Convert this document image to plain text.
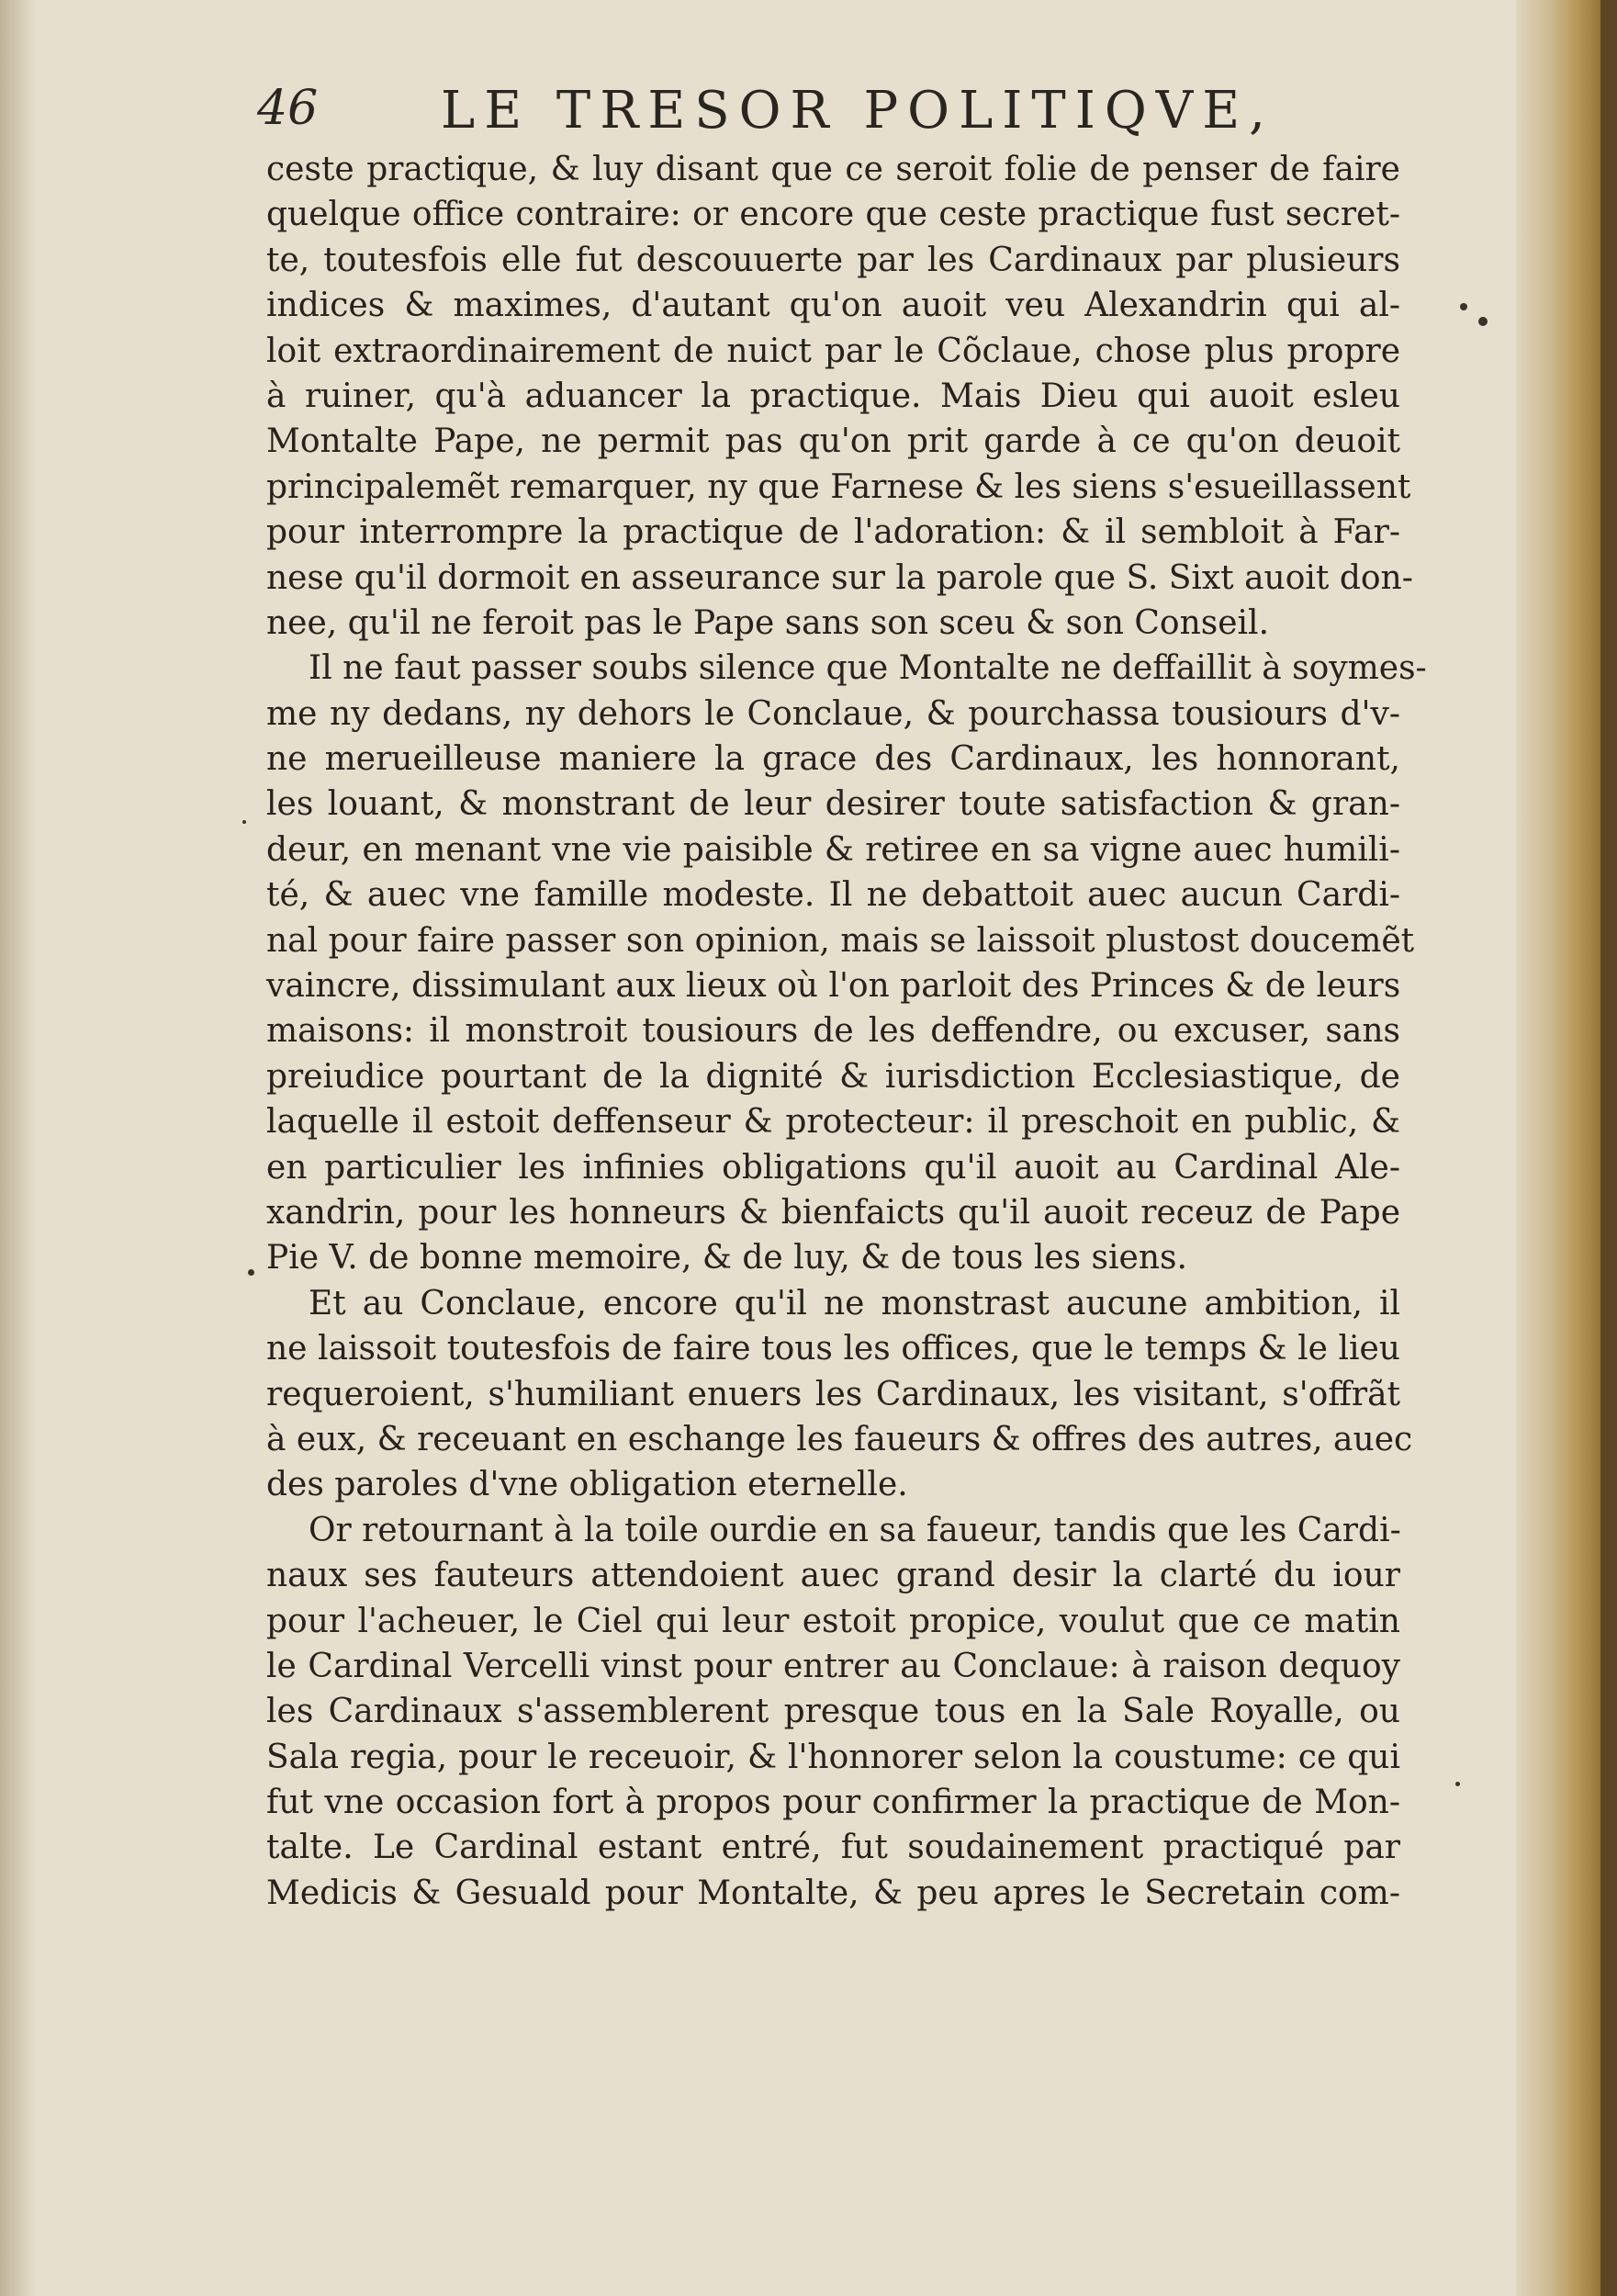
46 LE TRESOR POLITIQVE,
ceste practique, & luy disant que ce seroit folie de penser de faire
quelque office contraire: or encore que ceste practique fust secret-
te, toutesfois elle fut descouuerte par les Cardinaux par plusieurs
indices & maximes, d'autant qu'on auoit veu Alexandrin qui al-
loit extraordinairement de nuict par le Cõclaue, chose plus propre
à ruiner, qu'à aduancer la practique. Mais Dieu qui auoit esleu
Montalte Pape, ne permit pas qu'on prit garde à ce qu'on deuoit
principalemẽt remarquer, ny que Farnese & les siens s'esueillassent
pour interrompre la practique de l'adoration: & il sembloit à Far-
nese qu'il dormoit en asseurance sur la parole que S. Sixt auoit don-
nee, qu'il ne feroit pas le Pape sans son sceu & son Conseil.
Il ne faut passer soubs silence que Montalte ne deffaillit à soymes-
me ny dedans, ny dehors le Conclaue, & pourchassa tousiours d'v-
ne merueilleuse maniere la grace des Cardinaux, les honnorant,
les louant, & monstrant de leur desirer toute satisfaction & gran-
deur, en menant vne vie paisible & retiree en sa vigne auec humili-
té, & auec vne famille modeste. Il ne debattoit auec aucun Cardi-
nal pour faire passer son opinion, mais se laissoit plustost doucemẽt
vaincre, dissimulant aux lieux où l'on parloit des Princes & de leurs
maisons: il monstroit tousiours de les deffendre, ou excuser, sans
preiudice pourtant de la dignité & iurisdiction Ecclesiastique, de
laquelle il estoit deffenseur & protecteur: il preschoit en public, &
en particulier les infinies obligations qu'il auoit au Cardinal Ale-
xandrin, pour les honneurs & bienfaicts qu'il auoit receuz de Pape
Pie V. de bonne memoire, & de luy, & de tous les siens.
Et au Conclaue, encore qu'il ne monstrast aucune ambition, il
ne laissoit toutesfois de faire tous les offices, que le temps & le lieu
requeroient, s'humiliant enuers les Cardinaux, les visitant, s'offrãt
à eux, & receuant en eschange les faueurs & offres des autres, auec
des paroles d'vne obligation eternelle.
Or retournant à la toile ourdie en sa faueur, tandis que les Cardi-
naux ses fauteurs attendoient auec grand desir la clarté du iour
pour l'acheuer, le Ciel qui leur estoit propice, voulut que ce matin
le Cardinal Vercelli vinst pour entrer au Conclaue: à raison dequoy
les Cardinaux s'assemblerent presque tous en la Sale Royalle, ou
Sala regia, pour le receuoir, & l'honnorer selon la coustume: ce qui
fut vne occasion fort à propos pour confirmer la practique de Mon-
talte. Le Cardinal estant entré, fut soudainement practiqué par
Medicis & Gesuald pour Montalte, & peu apres le Secretain com-
